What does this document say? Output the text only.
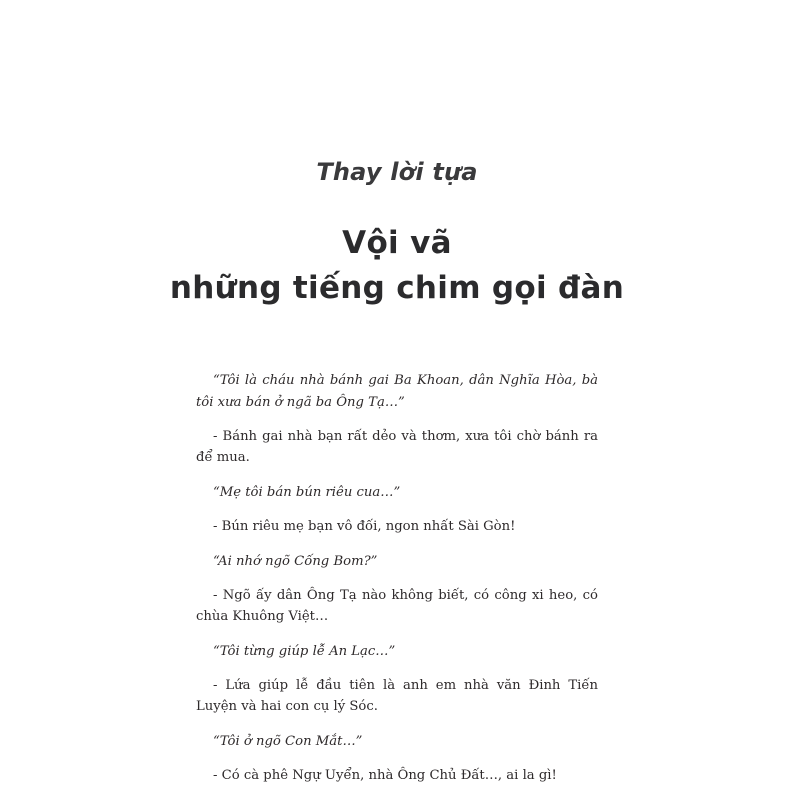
Thay lời tựa
Vội vã
những tiếng chim gọi đàn

“Tôi là cháu nhà bánh gai Ba Khoan, dân Nghĩa Hòa, bà tôi xưa bán ở ngã ba Ông Tạ…”

- Bánh gai nhà bạn rất dẻo và thơm, xưa tôi chờ bánh ra để mua.

“Mẹ tôi bán bún riêu cua…”

- Bún riêu mẹ bạn vô đối, ngon nhất Sài Gòn!

“Ai nhớ ngõ Cống Bom?”

- Ngõ ấy dân Ông Tạ nào không biết, có công xi heo, có chùa Khuông Việt…

“Tôi từng giúp lễ An Lạc…”

- Lứa giúp lễ đầu tiên là anh em nhà văn Đinh Tiến Luyện và hai con cụ lý Sóc.

“Tôi ở ngõ Con Mắt…”

- Có cà phê Ngự Uyển, nhà Ông Chủ Đất…, ai la gì!
